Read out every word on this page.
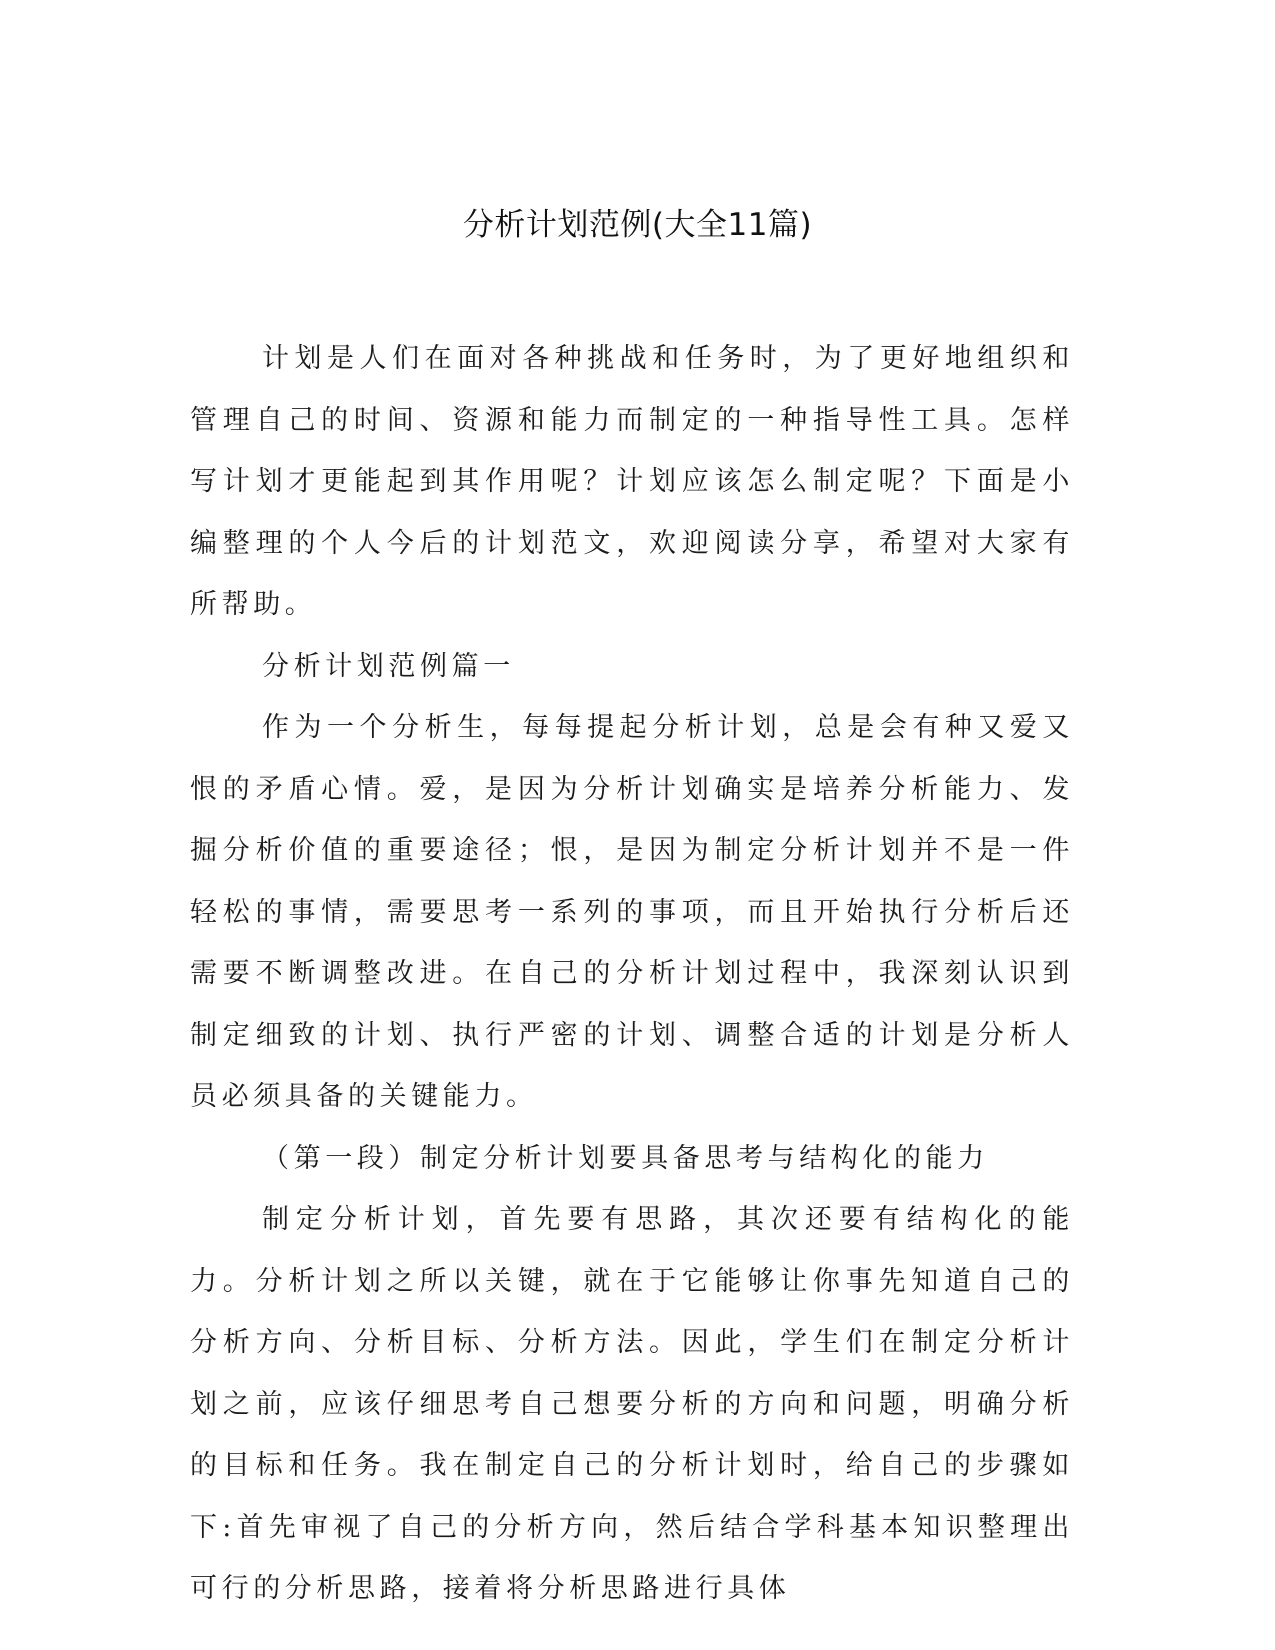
分析计划范例(大全11篇)

计划是人们在面对各种挑战和任务时，为了更好地组织和管理自己的时间、资源和能力而制定的一种指导性工具。怎样写计划才更能起到其作用呢？计划应该怎么制定呢？下面是小编整理的个人今后的计划范文，欢迎阅读分享，希望对大家有所帮助。

分析计划范例篇一

作为一个分析生，每每提起分析计划，总是会有种又爱又恨的矛盾心情。爱，是因为分析计划确实是培养分析能力、发掘分析价值的重要途径；恨，是因为制定分析计划并不是一件轻松的事情，需要思考一系列的事项，而且开始执行分析后还需要不断调整改进。在自己的分析计划过程中，我深刻认识到制定细致的计划、执行严密的计划、调整合适的计划是分析人员必须具备的关键能力。

（第一段）制定分析计划要具备思考与结构化的能力

制定分析计划，首先要有思路，其次还要有结构化的能力。分析计划之所以关键，就在于它能够让你事先知道自己的分析方向、分析目标、分析方法。因此，学生们在制定分析计划之前，应该仔细思考自己想要分析的方向和问题，明确分析的目标和任务。我在制定自己的分析计划时，给自己的步骤如下:首先审视了自己的分析方向，然后结合学科基本知识整理出可行的分析思路，接着将分析思路进行具体
